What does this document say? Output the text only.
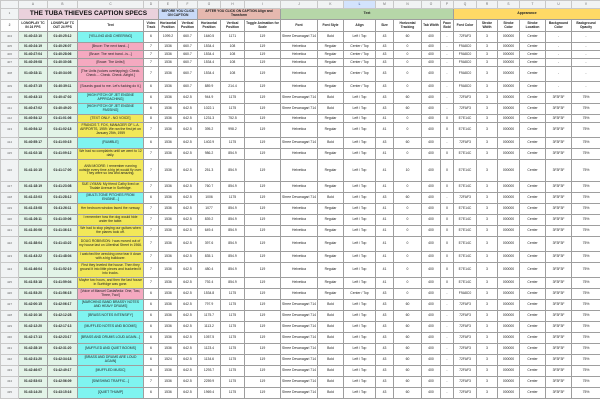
	A	B	C	D	E	F	G	H	I	J	K	L	M	N	O	P	Q	R	S	T	U	V
1	THE TUBA THIEVES CAPTION SPECS				BEFORE YOU CLICK ON CAPTION		AFTER YOU CLICK ON CAPTION Align and Transform			Text							Appearance					
2	LONGPLAY TC IN 24 FPS	LONGPLAY TC OUT 24 FPS	Text	Video Track	Horizontal Position	Vertical Position	Horizontal Position	Vertical Position	Toggle Animation for Scale	Font	Font Style	Align	Size	Horizontal Tracking	Tab Width	Faux Bold	Font Color	Stroke Width	Stroke Color	Stroke Location	Background Color	Background Opacity
404	01:40:22:10	01:40:25:12	[YELLING AND CHEERING]	6	1099.2	660.7	1640.5	1171	119	Shree Devanagari 714	Bold	Left / Top	43	60	400	-	72FAF3	3	000000	Center	-	-
405	01:40:24:19	01:40:26:07	[Bruce: The next band...]	7	1536	660.7	1534.4	108	119	Helvetica	Regular	Center / Top	43	0	400	-	F9A8C0	3	000000	Center	-	-
406	01:40:27:04	01:40:28:06	[Bruce: The next band...is...]	7	1536	660.7	1534.4	108	119	Helvetica	Regular	Center / Top	43	0	400	-	F9A8C0	3	000000	Center	-	-
407	01:40:29:08	01:40:30:08	[Bruce: The Units!]	7	1536	660.7	1534.4	108	119	Helvetica	Regular	Center / Top	43	0	400	-	F9A8C0	3	000000	Center	-	-
408	01:40:33:11	01:40:34:05	[The Units (voices overlapping): Check. Check.... Check. Check. Alright.]	7	1536	660.7	1534.4	108	119	Helvetica	Regular	Center / Top	43	0	400	-	F9A8C0	3	000000	Center	-	-
409	01:40:37:15	01:40:39:11	[Sounds good to me. Let's fucking do it.]	6	1536	660.7	889.9	214.4	119	Helvetica	Regular	Center / Top	43	0	400	-	F9A8C0	3	000000	Center	-	-
410	01:40:43:13	01:40:47:02	[HIGH PITCH OF JET ENGINE APPROACHING]	6	1536	642.5	944.9	1175	119	Shree Devanagari 714	Bold	Left / Top	43	60	400	-	72FAF3	3	000000	Center	3F3F3F	75%
411	01:40:47:02	01:40:49:20	[HIGH PITCH OF JET ENGINE PASSING]	6	1536	642.5	1022.1	1175	119	Shree Devanagari 714	Bold	Left / Top	43	60	400	-	72FAF3	3	000000	Center	3F3F3F	75%
412	01:40:54:12	01:41:01:06	[TEXT ONLY - NO VOICE]	8	1536	642.5	1231.3	752.5	119	Helvetica	Regular	Left / Top	41	0	400	X	E7E14C	3	000000	Center	3F3F3F	75%
413	01:40:54:12	01:41:02:18	FRANCIS T. FOX, MANAGER OF L.A. AIRPORTS, 1959: We ran the first jet on January 25th, 1959	7	1536	642.5	395.2	998.2	119	Helvetica	Regular	Left / Top	41	0	400	X	E7E14C	3	000000	Center	3F3F3F	75%
414	01:40:55:17	01:41:00:15	[RUMBLE]	6	1536	642.5	1402.9	1175	119	Shree Devanagari 714	Bold	Left / Top	43	60	400	-	72FAF3	3	000000	Center	3F3F3F	75%
415	01:41:02:18	01:41:09:12	We had no complaints until we went to 12 daily.	7	1536	642.5	986.2	854.9	119	Helvetica	Regular	Left / Top	41	0	400	X	E7E14C	3	000000	Center	3F3F3F	75%
416	01:41:10:15	01:41:17:00	ANN MOORE: I remember running outside every time a big jet would fly over. They were so low and amazing.	7	1536	642.5	251.3	854.9	119	Helvetica	Regular	Left / Top	41	10	400	X	E7E14C	3	000000	Center	3F3F3F	75%
417	01:41:18:19	01:41:23:08	SUE LYMAN: My friend Cathy lived on Tisdale Avenue in Surfridge.	7	1536	642.5	760.7	854.9	119	Helvetica	Regular	Left / Top	41	0	400	X	E7E14C	3	000000	Center	3F3F3F	75%
418	01:41:22:03	01:41:28:12	[MULTI-TONE PITCHES FROM ENGINE...]	6	1536	642.5	1006	1175	119	Shree Devanagari 714	Bold	Left / Top	43	60	400	-	72FAF3	3	000000	Center	3F3F3F	75%
419	01:41:23:08	01:41:26:11	Her bedroom window faced the runway.	7	1536	642.5	1077	854.9	119	Helvetica	Regular	Left / Top	41	0	400	X	E7E14C	3	000000	Center	3F3F3F	75%
420	01:41:26:11	01:41:30:06	I remember how the dog would hide under the table.	7	1536	642.5	839.2	854.9	119	Helvetica	Regular	Left / Top	41	0	400	X	E7E14C	3	000000	Center	3F3F3F	75%
421	01:41:30:06	01:41:36:13	We had to stop playing our guitars when the planes took off.	7	1536	642.5	649.4	854.9	119	Helvetica	Regular	Left / Top	41	0	400	X	E7E14C	3	000000	Center	3F3F3F	75%
422	01:41:38:04	01:41:43:22	DOUG ROBINSON: I was moved out of my house last on Lilienthal Street in 1966.	7	1536	642.5	397.6	854.9	119	Helvetica	Regular	Left / Top	41	0	400	X	E7E14C	3	000000	Center	3F3F3F	75%
423	01:41:43:22	01:41:48:04	I watched the wrecking crew tear it down with a big bulldozer.	7	1536	642.5	835.1	854.9	119	Helvetica	Regular	Left / Top	41	0	400	X	E7E14C	3	000000	Center	3F3F3F	75%
424	01:41:46:04	01:41:52:19	First they leveled the house. Then they ground it into little pieces and bucketed it into trucks.	7	1536	642.5	480.4	854.9	119	Helvetica	Regular	Left / Top	41	0	400	X	E7E14C	3	000000	Center	3F3F3F	75%
425	01:41:53:18	01:41:59:04	Maybe two hours, and then the last house in Surfridge was gone.	7	1536	642.5	792.4	854.9	119	Helvetica	Regular	Left / Top	41	0	400	X	E7E14C	3	000000	Center	3F3F3F	75%
426	01:41:53:20	01:41:56:15	[Voice of Manuel Castañeda: One, Two, Three, Two!]	6	1536	642.5	1534.8	1175	119	Helvetica	Regular	Center / Top	43	0	400	-	F9A8C0	3	000000	Center	3F3F3F	75%
427	01:42:00:15	01:42:06:17	[MARCHING BAND BRASSY NOTES AND HEAVY DRUMS]	6	1536	642.5	797.9	1175	119	Shree Devanagari 714	Bold	Left / Top	43	60	400	-	72FAF3	3	000000	Center	3F3F3F	75%
428	01:42:10:16	01:42:12:28	[BRASS NOTES INTENSIFY]	6	1536	642.5	1175.7	1175	119	Shree Devanagari 714	Bold	Left / Top	43	60	400	-	72FAF3	3	000000	Center	3F3F3F	75%
429	01:42:12:20	01:42:17:13	[MUFFLED NOTES AND BOOMS]	6	1536	642.5	1113.2	1175	119	Shree Devanagari 714	Bold	Left / Top	43	60	400	-	72FAF3	3	000000	Center	3F3F3F	75%
430	01:42:17:13	01:42:23:17	[BRASS AND DRUMS LOUD AGAIN...]	6	1536	642.5	1057.5	1175	119	Shree Devanagari 714	Bold	Left / Top	43	60	400	-	72FAF3	3	000000	Center	3F3F3F	75%
431	01:42:28:19	01:42:31:20	[MUFFLED AND QUIET BOOMS]	6	1536	642.5	1123.4	1175	119	Shree Devanagari 714	Bold	Left / Top	43	60	400	-	72FAF3	3	000000	Center	3F3F3F	75%
432	01:42:31:20	01:42:34:18	[BRASS AND DRUMS ARE LOUD AGAIN]	6	1524	642.5	1134.6	1175	119	Shree Devanagari 714	Bold	Left / Top	43	60	400	-	72FAF3	3	000000	Center	3F3F3F	75%
433	01:42:46:07	01:42:49:17	[MUFFLED MUSIC]	6	1536	642.5	1293.7	1175	119	Shree Devanagari 714	Bold	Left / Top	43	60	400	-	72FAF3	3	000000	Center	3F3F3F	75%
434	01:42:53:03	01:42:56:09	[SWISHING TRAFFIC...]	7	1536	642.5	2259.9	1175	119	Shree Devanagari 714	Bold	Left / Top	43	60	400	-	72FAF3	3	000000	Center	3F3F3F	75%
435	01:43:14:20	01:43:15:16	[QUIET THUMP]	6	1536	642.5	1969.4	1175	119	Shree Devanagari 714	Bold	Left / Top	43	60	400	-	72FAF3	3	000000	Center	3F3F3F	75%
